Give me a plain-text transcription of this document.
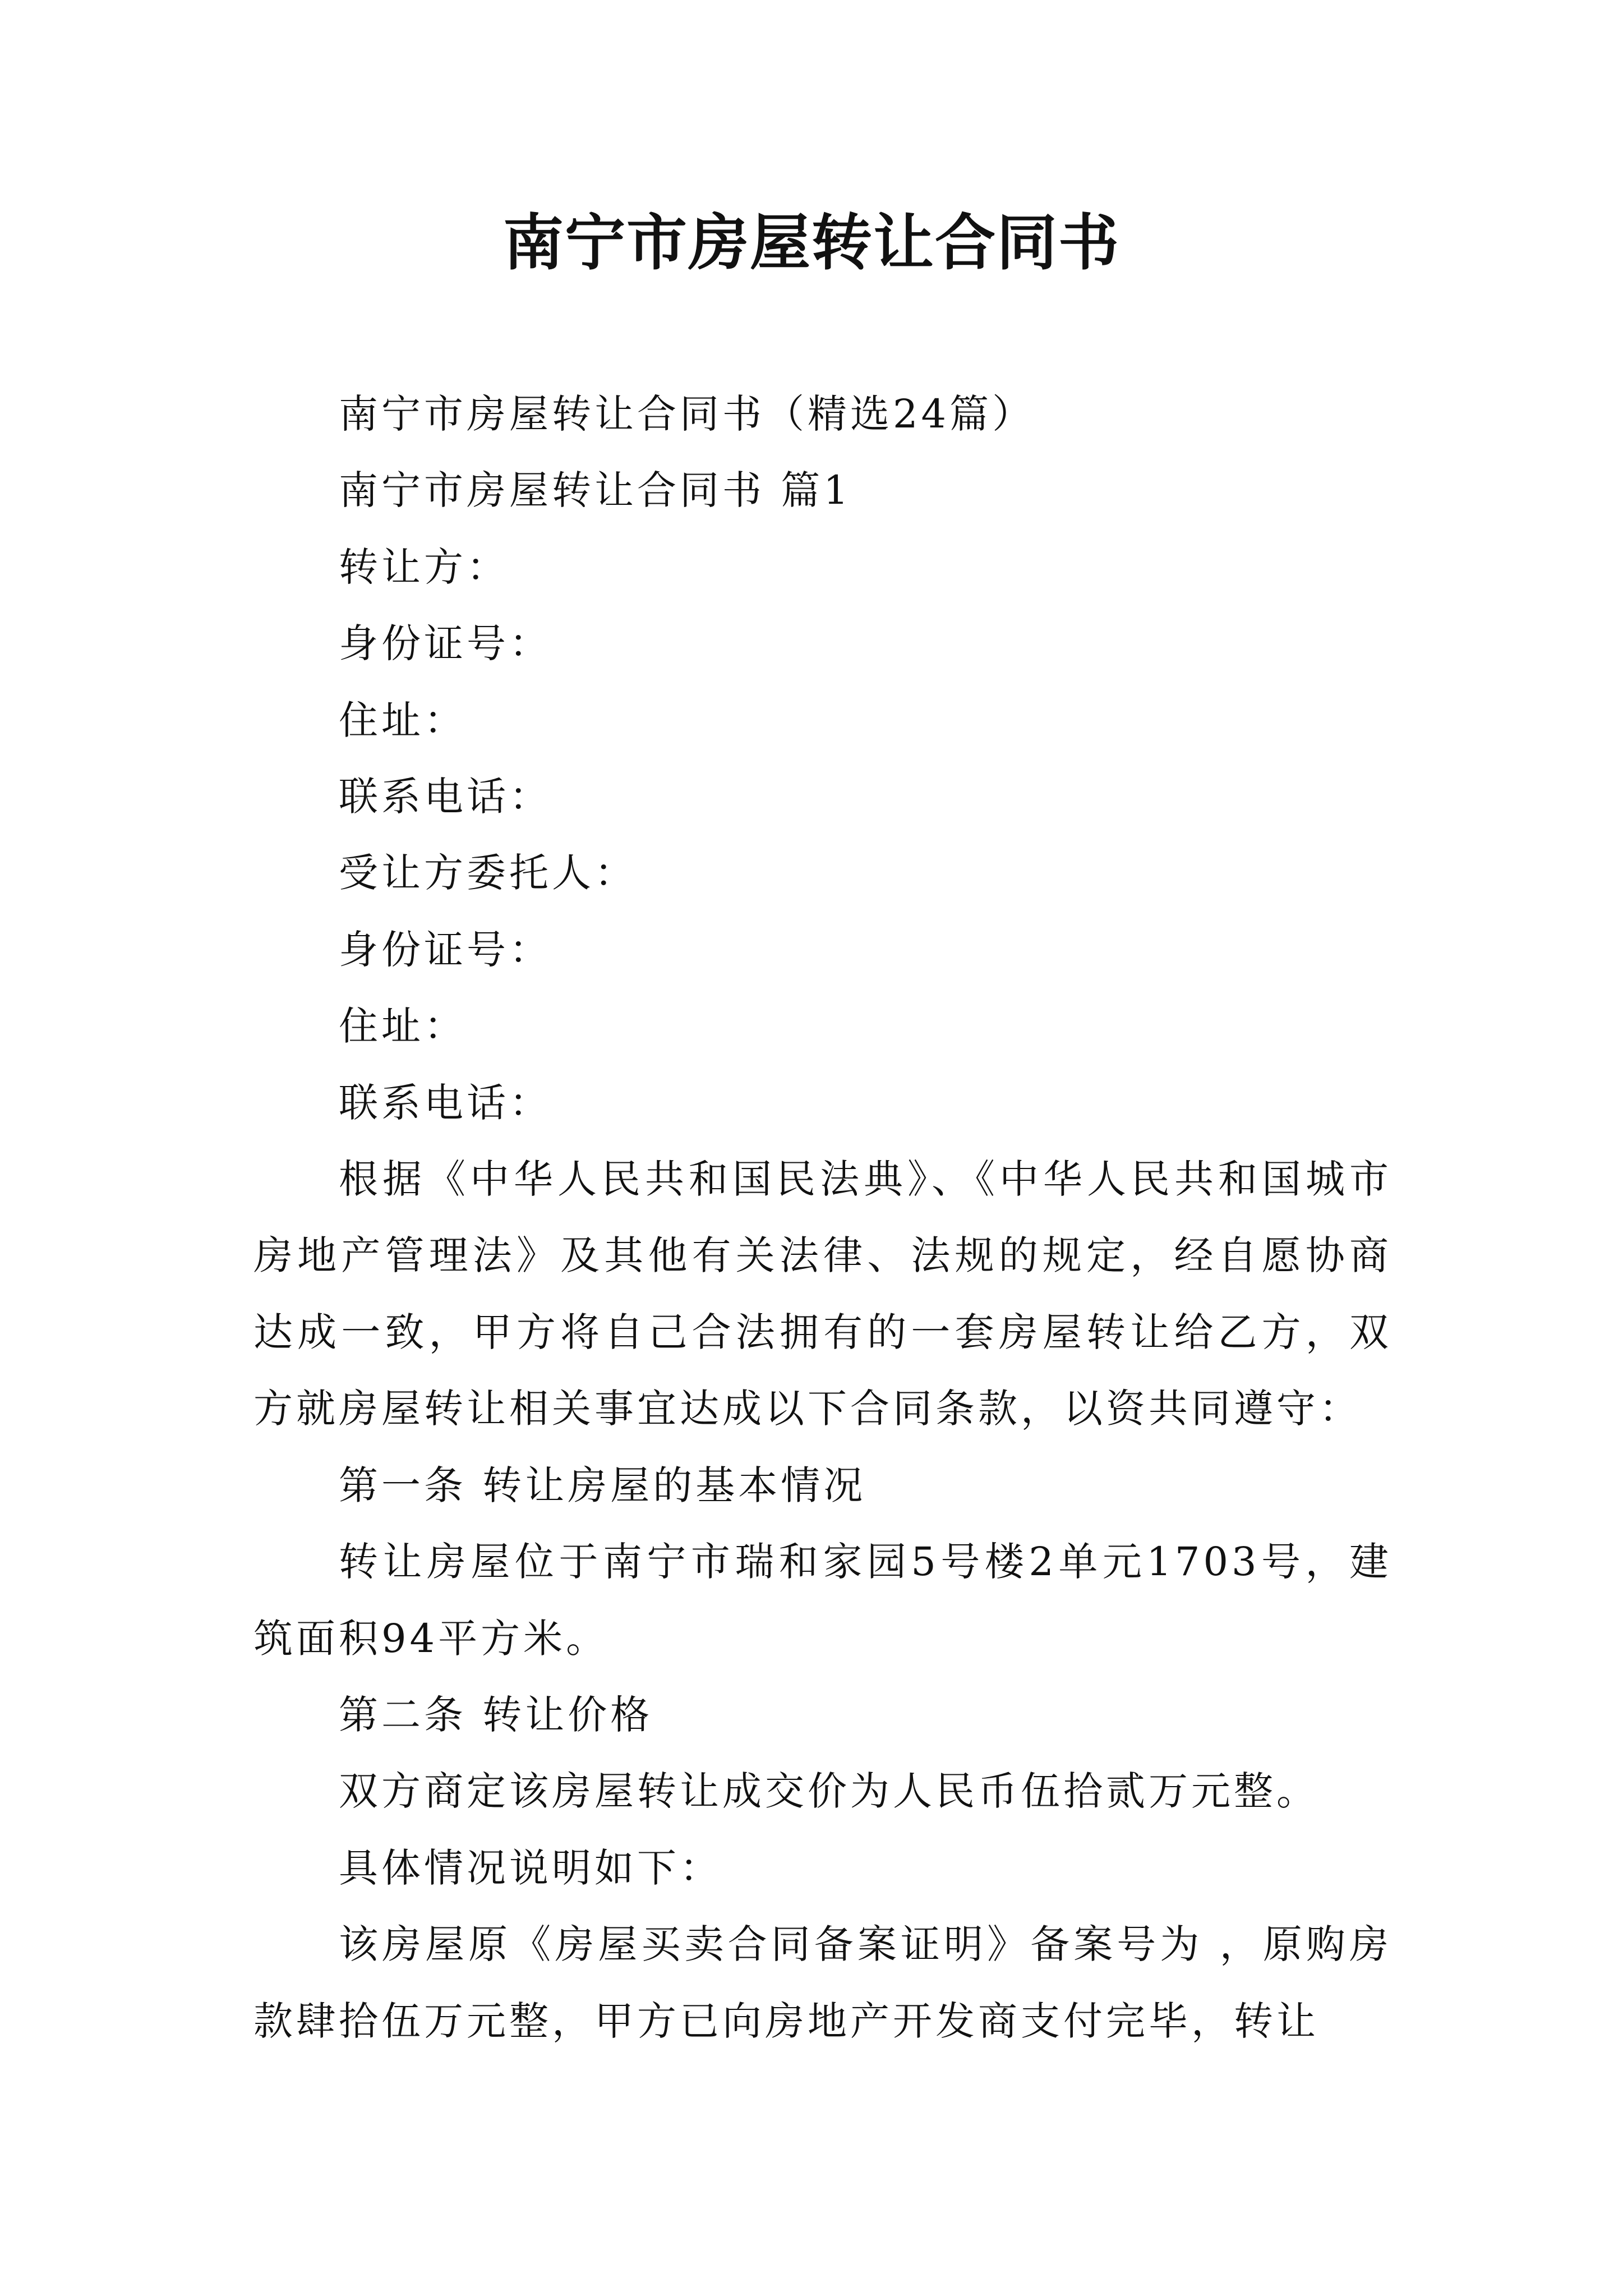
南宁市房屋转让合同书

南宁市房屋转让合同书（精选24篇）

南宁市房屋转让合同书 篇1

转让方：

身份证号：

住址：

联系电话：

受让方委托人：

身份证号：

住址：

联系电话：

根据《中华人民共和国民法典》、《中华人民共和国城市房地产管理法》及其他有关法律、法规的规定，经自愿协商达成一致，甲方将自己合法拥有的一套房屋转让给乙方，双方就房屋转让相关事宜达成以下合同条款，以资共同遵守：

第一条 转让房屋的基本情况

转让房屋位于南宁市瑞和家园5号楼2单元1703号，建筑面积94平方米。

第二条 转让价格

双方商定该房屋转让成交价为人民币伍拾贰万元整。

具体情况说明如下：

该房屋原《房屋买卖合同备案证明》备案号为 ，原购房款肆拾伍万元整，甲方已向房地产开发商支付完毕，转让
